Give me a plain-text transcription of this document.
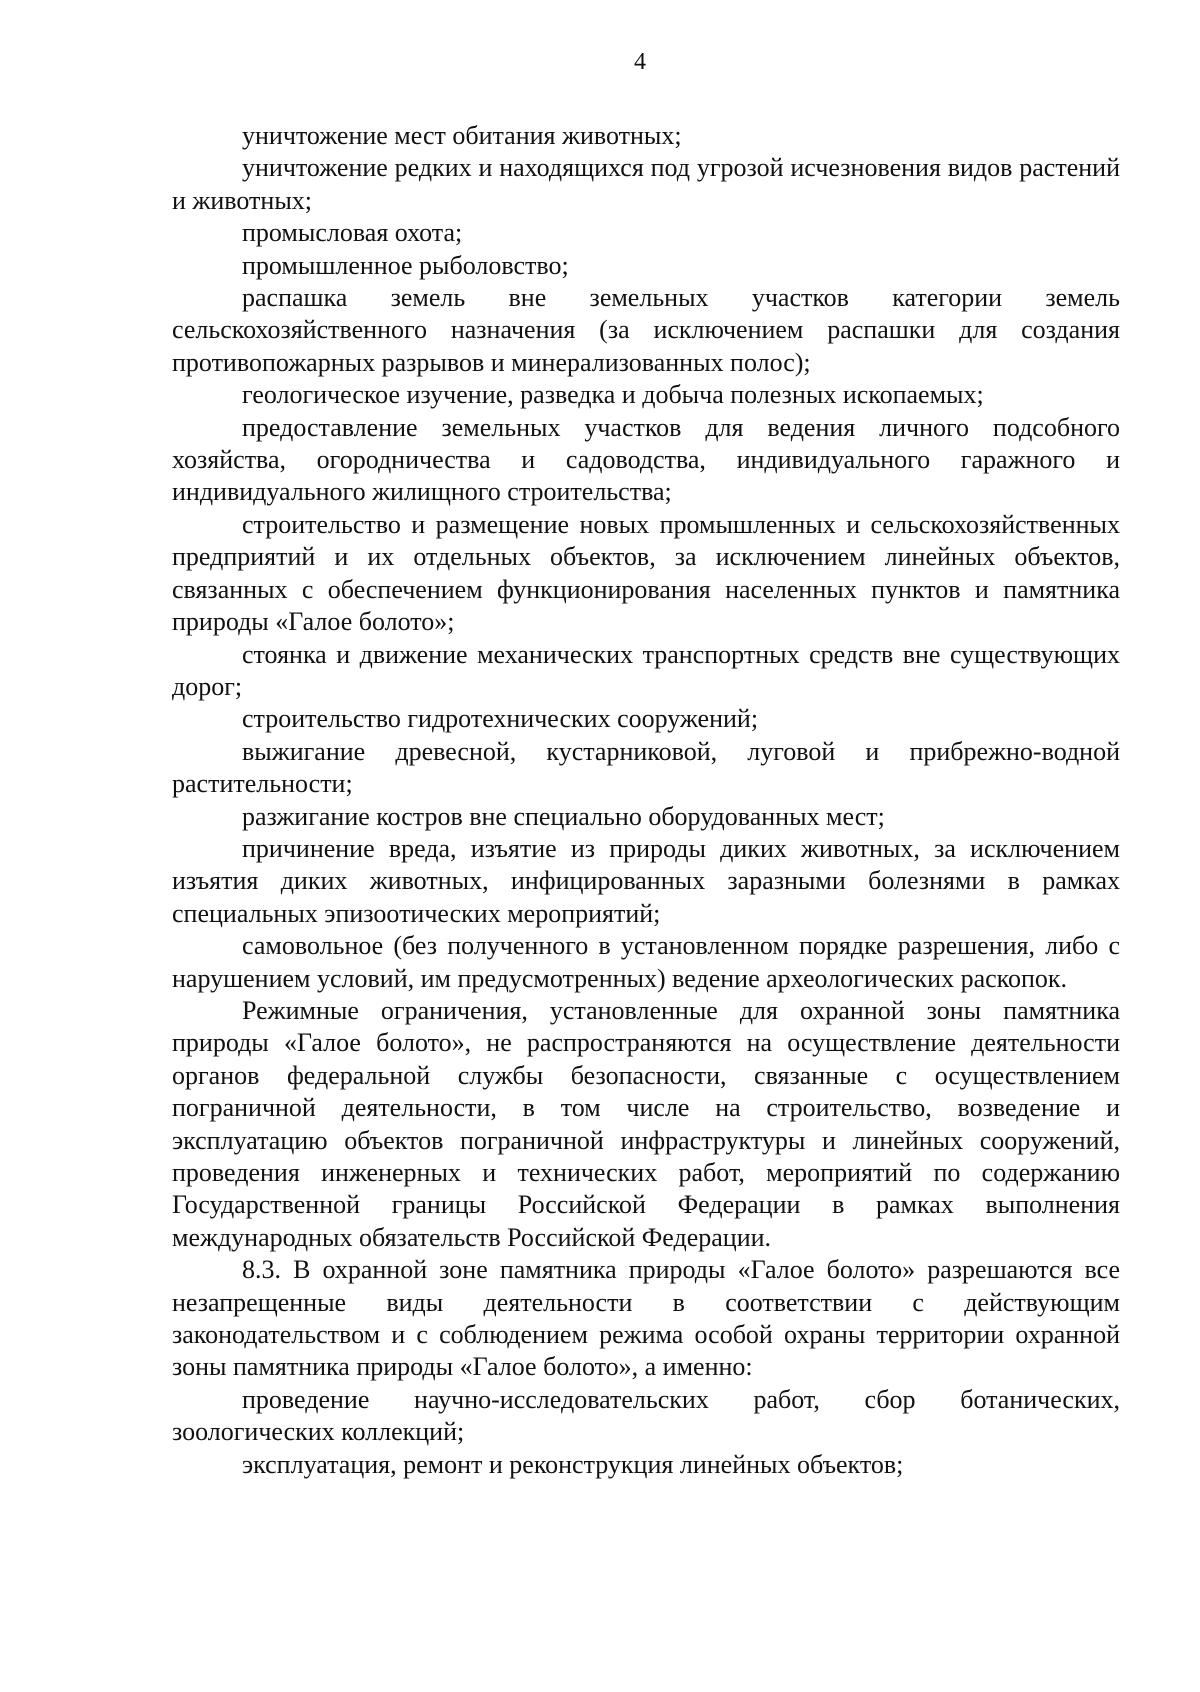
4

уничтожение мест обитания животных;

уничтожение редких и находящихся под угрозой исчезновения видов растений и животных;

промысловая охота;

промышленное рыболовство;

распашка земель вне земельных участков категории земель сельскохозяйственного назначения (за исключением распашки для создания противопожарных разрывов и минерализованных полос);

геологическое изучение, разведка и добыча полезных ископаемых;

предоставление земельных участков для ведения личного подсобного хозяйства, огородничества и садоводства, индивидуального гаражного и индивидуального жилищного строительства;

строительство и размещение новых промышленных и сельскохозяйственных предприятий и их отдельных объектов, за исключением линейных объектов, связанных с обеспечением функционирования населенных пунктов и памятника природы «Галое болото»;

стоянка и движение механических транспортных средств вне существующих дорог;

строительство гидротехнических сооружений;

выжигание древесной, кустарниковой, луговой и прибрежно-водной растительности;

разжигание костров вне специально оборудованных мест;

причинение вреда, изъятие из природы диких животных, за исключением изъятия диких животных, инфицированных заразными болезнями в рамках специальных эпизоотических мероприятий;

самовольное (без полученного в установленном порядке разрешения, либо с нарушением условий, им предусмотренных) ведение археологических раскопок.

Режимные ограничения, установленные для охранной зоны памятника природы «Галое болото», не распространяются на осуществление деятельности органов федеральной службы безопасности, связанные с осуществлением пограничной деятельности, в том числе на строительство, возведение и эксплуатацию объектов пограничной инфраструктуры и линейных сооружений, проведения инженерных и технических работ, мероприятий по содержанию Государственной границы Российской Федерации в рамках выполнения международных обязательств Российской Федерации.

8.3. В охранной зоне памятника природы «Галое болото» разрешаются все незапрещенные виды деятельности в соответствии с действующим законодательством и с соблюдением режима особой охраны территории охранной зоны памятника природы «Галое болото», а именно:

проведение научно-исследовательских работ, сбор ботанических, зоологических коллекций;

эксплуатация, ремонт и реконструкция линейных объектов;
